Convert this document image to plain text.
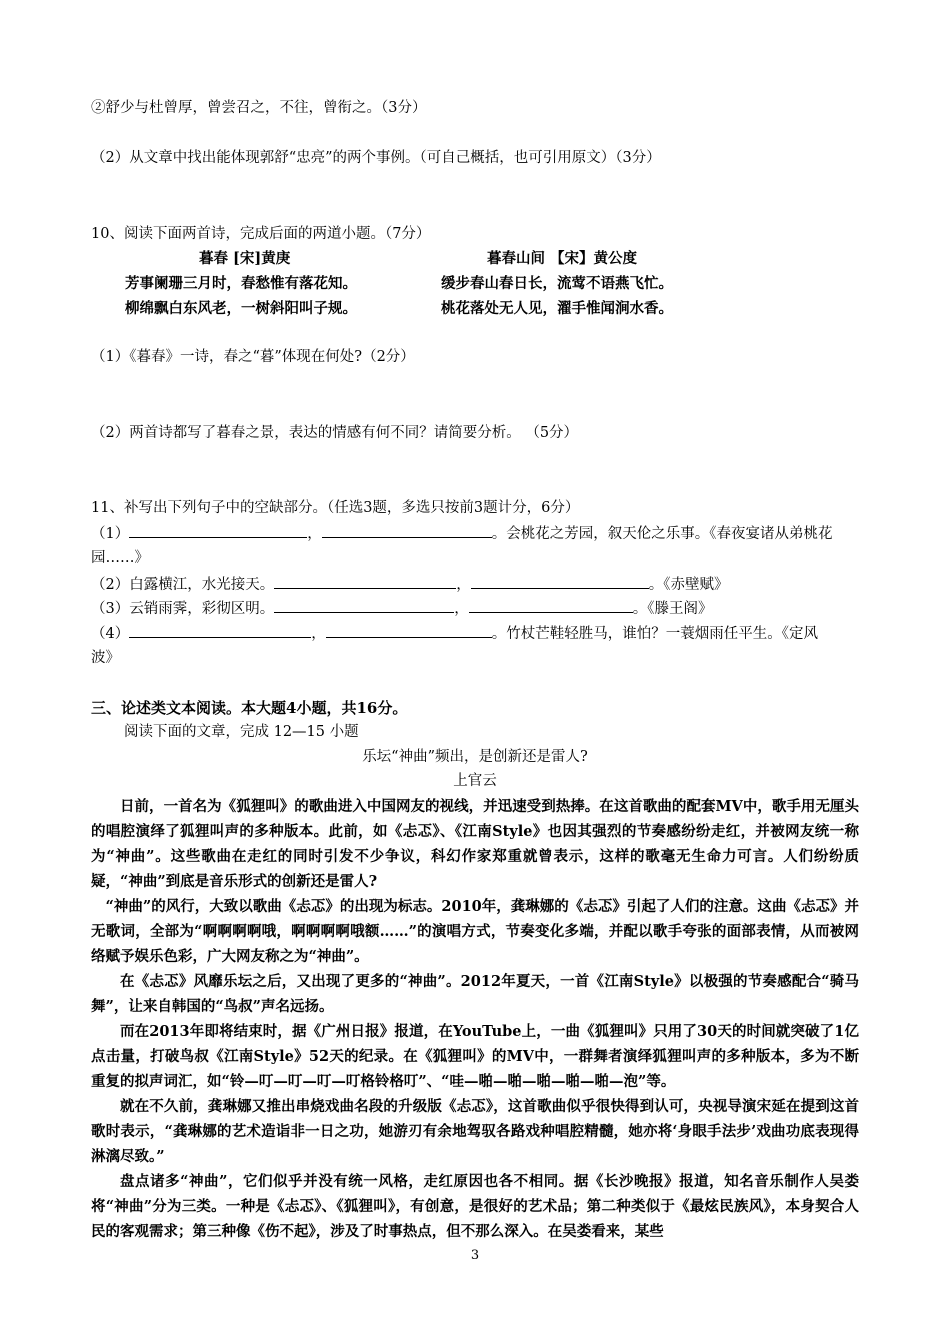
②舒少与杜曾厚，曾尝召之，不往，曾衔之。（3分）
（2）从文章中找出能体现郭舒“忠亮”的两个事例。（可自己概括，也可引用原文）（3分）
10、阅读下面两首诗，完成后面的两道小题。（7分）
暮春 [宋]黄庚	暮春山间 【宋】黄公度
芳事阑珊三月时，春愁惟有落花知。	缓步春山春日长，流莺不语燕飞忙。
柳绵飘白东风老，一树斜阳叫子规。	桃花落处无人见，濯手惟闻涧水香。
（1）《暮春》一诗，春之“暮”体现在何处?（2分）
（2）两首诗都写了暮春之景，表达的情感有何不同？请简要分析。 （5分）
11、补写出下列句子中的空缺部分。（任选3题，多选只按前3题计分，6分）
（1）	，	。会桃花之芳园，叙天伦之乐事。《春夜宴诸从弟桃花
园……》
（2）白露横江，水光接天。	，	。《赤壁赋》
（3）云销雨霁，彩彻区明。	，	。《滕王阁》
（4）	，	。竹杖芒鞋轻胜马，谁怕？一蓑烟雨任平生。《定风
波》
三、论述类文本阅读。本大题4小题，共16分。
阅读下面的文章，完成 12—15 小题
乐坛“神曲”频出，是创新还是雷人?
上官云

日前，一首名为《狐狸叫》的歌曲进入中国网友的视线，并迅速受到热捧。在这首歌曲的配套MV中，歌手用无厘头的唱腔演绎了狐狸叫声的多种版本。此前，如《忐忑》、《江南Style》也因其强烈的节奏感纷纷走红，并被网友统一称为“神曲”。这些歌曲在走红的同时引发不少争议，科幻作家郑重就曾表示，这样的歌毫无生命力可言。人们纷纷质疑，“神曲”到底是音乐形式的创新还是雷人?

“神曲”的风行，大致以歌曲《忐忑》的出现为标志。2010年，龚琳娜的《忐忑》引起了人们的注意。这曲《忐忑》并无歌词，全部为“啊啊啊啊哦，啊啊啊啊哦额……”的演唱方式，节奏变化多端，并配以歌手夸张的面部表情，从而被网络赋予娱乐色彩，广大网友称之为“神曲”。

在《忐忑》风靡乐坛之后，又出现了更多的“神曲”。2012年夏天，一首《江南Style》以极强的节奏感配合“骑马舞”，让来自韩国的“鸟叔”声名远扬。

而在2013年即将结束时，据《广州日报》报道，在YouTube上，一曲《狐狸叫》只用了30天的时间就突破了1亿点击量，打破鸟叔《江南Style》52天的纪录。在《狐狸叫》的MV中，一群舞者演绎狐狸叫声的多种版本，多为不断重复的拟声词汇，如“铃—叮—叮—叮—叮格铃格叮”、“哇—啪—啪—啪—啪—啪—泡”等。

就在不久前，龚琳娜又推出串烧戏曲名段的升级版《忐忑》，这首歌曲似乎很快得到认可，央视导演宋延在提到这首歌时表示，“龚琳娜的艺术造诣非一日之功，她游刃有余地驾驭各路戏种唱腔精髓，她亦将‘身眼手法步’戏曲功底表现得淋漓尽致。”

盘点诸多“神曲”，它们似乎并没有统一风格，走红原因也各不相同。据《长沙晚报》报道，知名音乐制作人吴娄将“神曲”分为三类。一种是《忐忑》、《狐狸叫》，有创意，是很好的艺术品；第二种类似于《最炫民族风》，本身契合人民的客观需求；第三种像《伤不起》，涉及了时事热点，但不那么深入。在吴娄看来，某些

3
